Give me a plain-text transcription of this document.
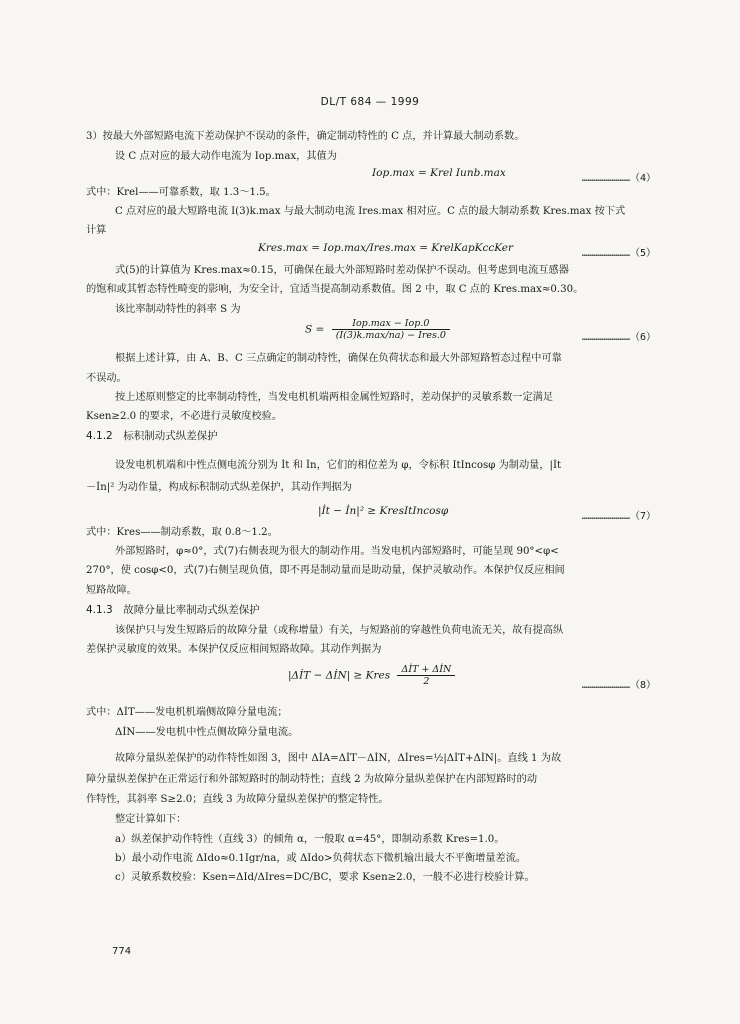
DL/T 684 — 1999
3）按最大外部短路电流下差动保护不误动的条件，确定制动特性的 C 点，并计算最大制动系数。
设 C 点对应的最大动作电流为 Iop.max，其值为
Iop.max = Krel Iunb.max	……………………（4）
式中：Krel——可靠系数，取 1.3～1.5。
C 点对应的最大短路电流 I(3)k.max 与最大制动电流 Ires.max 相对应。C 点的最大制动系数 Kres.max 按下式
计算
Kres.max = Iop.max/Ires.max = KrelKapKccKer	……………………（5）
式(5)的计算值为 Kres.max≈0.15，可确保在最大外部短路时差动保护不误动。但考虑到电流互感器
的饱和或其暂态特性畸变的影响，为安全计，宜适当提高制动系数值。图 2 中，取 C 点的 Kres.max≈0.30。
该比率制动特性的斜率 S 为
$S = \frac{\text{Iop.max − Iop.0}}{\text{(I(3)k.max/na) − Ires.0}}$	……………………（6）
根据上述计算，由 A、B、C 三点确定的制动特性，确保在负荷状态和最大外部短路暂态过程中可靠
不误动。
按上述原则整定的比率制动特性，当发电机机端两相金属性短路时，差动保护的灵敏系数一定满足
Ksen≥2.0 的要求，不必进行灵敏度校验。
4.1.2　标积制动式纵差保护
设发电机机端和中性点侧电流分别为 İt 和 İn，它们的相位差为 φ，令标积 ItIncosφ 为制动量，|İt
－İn|² 为动作量，构成标积制动式纵差保护，其动作判据为
|İt − İn|² ≥ KresItIncosφ	……………………（7）
式中：Kres——制动系数，取 0.8～1.2。
外部短路时，φ≈0°，式(7)右侧表现为很大的制动作用。当发电机内部短路时，可能呈现 90°<φ<
270°，使 cosφ<0，式(7)右侧呈现负值，即不再是制动量而是助动量，保护灵敏动作。本保护仅反应相间
短路故障。
4.1.3　故障分量比率制动式纵差保护
该保护只与发生短路后的故障分量（或称增量）有关，与短路前的穿越性负荷电流无关，故有提高纵
差保护灵敏度的效果。本保护仅反应相间短路故障。其动作判据为
|ΔİT − ΔİN| ≥ Kres $\frac{\text{ΔİT + ΔİN}}{2}$	……………………（8）
式中：ΔİT——发电机机端侧故障分量电流；
ΔİN——发电机中性点侧故障分量电流。
故障分量纵差保护的动作特性如图 3，图中 ΔİA=ΔİT－ΔİN，Δİres=½|ΔİT+ΔİN|。直线 1 为故
障分量纵差保护在正常运行和外部短路时的制动特性；直线 2 为故障分量纵差保护在内部短路时的动
作特性，其斜率 S≥2.0；直线 3 为故障分量纵差保护的整定特性。
整定计算如下：
a）纵差保护动作特性（直线 3）的倾角 α，一般取 α=45°，即制动系数 Kres=1.0。
b）最小动作电流 ΔIdo≈0.1Igr/na，或 ΔIdo>负荷状态下微机输出最大不平衡增量差流。
c）灵敏系数校验：Ksen=ΔId/ΔIres=DC/BC，要求 Ksen≥2.0，一般不必进行校验计算。
774
